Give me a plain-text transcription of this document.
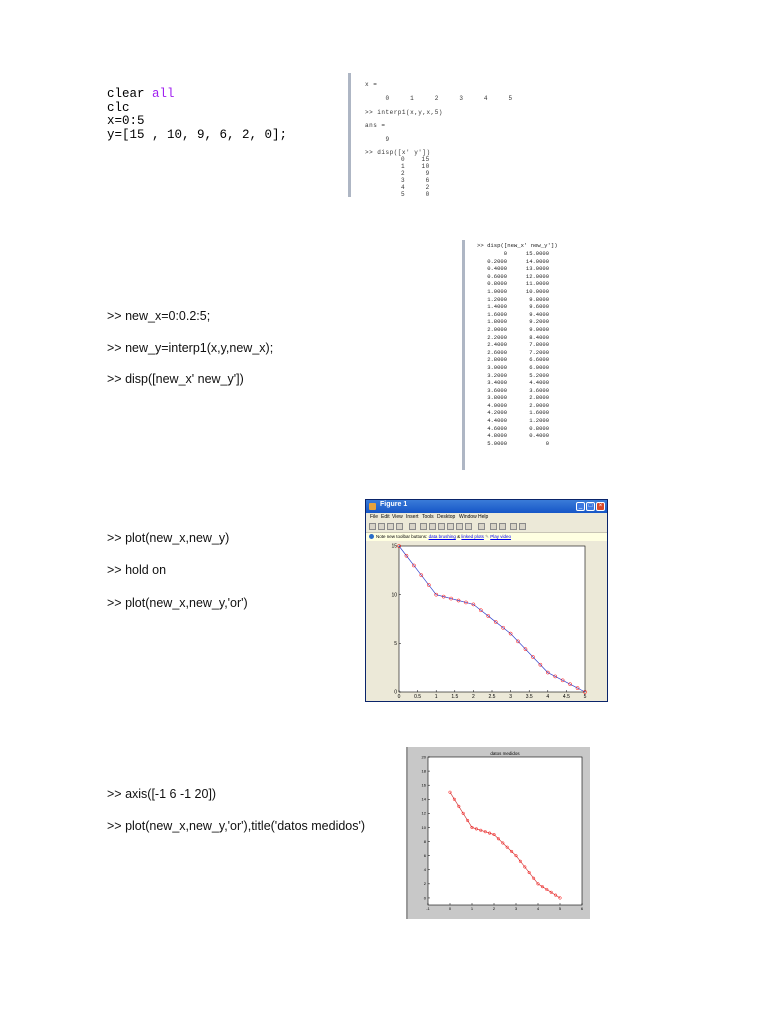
clear all
clc
x=0:5
y=[15 , 10, 9, 6, 2, 0];
x =
0     1     2     3     4     5
>> interp1(x,y,x,5)
ans =
9
>> disp([x' y'])
0	15
1	10
2	9
3	6
4	2
5	0
>> new_x=0:0.2:5;
>> new_y=interp1(x,y,new_x);
>> disp([new_x' new_y'])
>> disp([new_x' new_y'])
0	15.0000
0.2000	14.0000
0.4000	13.0000
0.6000	12.0000
0.8000	11.0000
1.0000	10.0000
1.2000	9.8000
1.4000	9.6000
1.6000	9.4000
1.8000	9.2000
2.0000	9.0000
2.2000	8.4000
2.4000	7.8000
2.6000	7.2000
2.8000	6.6000
3.0000	6.0000
3.2000	5.2000
3.4000	4.4000
3.6000	3.6000
3.8000	2.8000
4.0000	2.0000
4.2000	1.6000
4.4000	1.2000
4.6000	0.8000
4.8000	0.4000
5.0000	0
>> plot(new_x,new_y)
>> hold on
>> plot(new_x,new_y,'or')
Figure 1	_	□	×
File Edit View Insert Tools Desktop Window Help
Note new toolbar buttons: data brushing & linked plots ✎ Play video
0	0.5	1	1.5	2	2.5	3	3.5	4	4.5	5
0
5
10
15
>> axis([-1 6 -1 20])
>> plot(new_x,new_y,'or'),title('datos medidos')
-1	0	1	2	3	4	5	6
0
2
4
6
8
10
12
14
16
18
20
datos medidos
